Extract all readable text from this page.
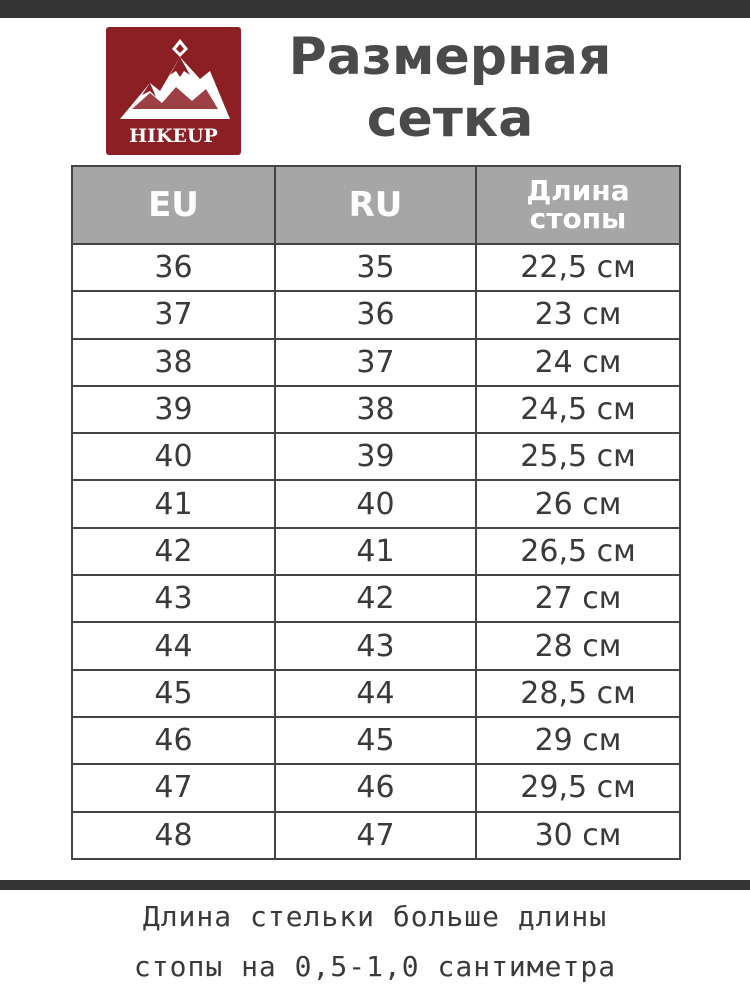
HIKEUP
Размерная
сетка
EU	RU	Длина
стопы
36	35	22,5 см
37	36	23 см
38	37	24 см
39	38	24,5 см
40	39	25,5 см
41	40	26 см
42	41	26,5 см
43	42	27 см
44	43	28 см
45	44	28,5 см
46	45	29 см
47	46	29,5 см
48	47	30 см
Длина стельки больше длины
стопы на 0,5-1,0 сантиметра
